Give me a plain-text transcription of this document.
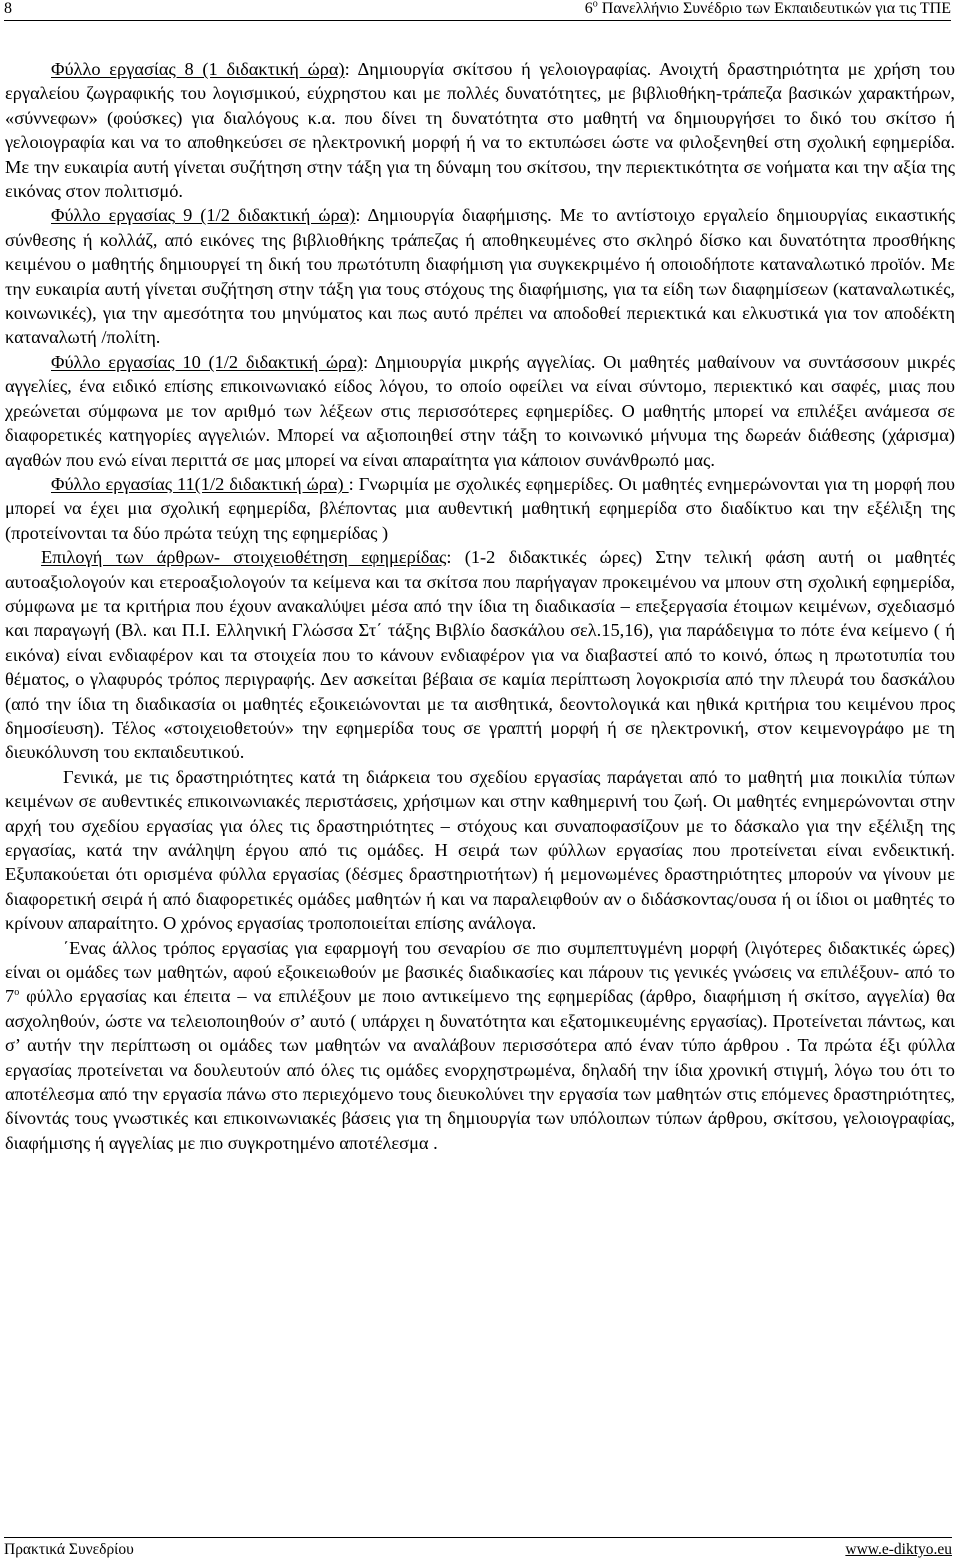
8	$6^o$ Πανελλήνιο Συνέδριο των Εκπαιδευτικών για τις ΤΠΕ

Φύλλο εργασίας 8 (1 διδακτική ώρα): Δημιουργία σκίτσου ή γελοιογραφίας. Ανοιχτή δραστηριότητα με χρήση του εργαλείου ζωγραφικής του λογισμικού, εύχρηστου και με πολλές δυνατότητες, με βιβλιοθήκη-τράπεζα βασικών χαρακτήρων, «σύννεφων» (φούσκες) για διαλόγους κ.α. που δίνει τη δυνατότητα στο μαθητή να δημιουργήσει το δικό του σκίτσο ή γελοιογραφία και να το αποθηκεύσει σε ηλεκτρονική μορφή ή να το εκτυπώσει ώστε να φιλοξενηθεί στη σχολική εφημερίδα. Με την ευκαιρία αυτή γίνεται συζήτηση στην τάξη για τη δύναμη του σκίτσου, την περιεκτικότητα σε νοήματα και την αξία της εικόνας στον πολιτισμό.

Φύλλο εργασίας 9 (1/2 διδακτική ώρα): Δημιουργία διαφήμισης. Με το αντίστοιχο εργαλείο δημιουργίας εικαστικής σύνθεσης ή κολλάζ, από εικόνες της βιβλιοθήκης τράπεζας ή αποθηκευμένες στο σκληρό δίσκο και δυνατότητα προσθήκης κειμένου ο μαθητής δημιουργεί τη δική του πρωτότυπη διαφήμιση για συγκεκριμένο ή οποιοδήποτε καταναλωτικό προϊόν. Με την ευκαιρία αυτή γίνεται συζήτηση στην τάξη για τους στόχους της διαφήμισης, για τα είδη των διαφημίσεων (καταναλωτικές, κοινωνικές), για την αμεσότητα του μηνύματος και πως αυτό πρέπει να αποδοθεί περιεκτικά και ελκυστικά για τον αποδέκτη καταναλωτή /πολίτη.

Φύλλο εργασίας 10 (1/2 διδακτική ώρα): Δημιουργία μικρής αγγελίας. Οι μαθητές μαθαίνουν να συντάσσουν μικρές αγγελίες, ένα ειδικό επίσης επικοινωνιακό είδος λόγου, το οποίο οφείλει να είναι σύντομο, περιεκτικό και σαφές, μιας που χρεώνεται σύμφωνα με τον αριθμό των λέξεων στις περισσότερες εφημερίδες. Ο μαθητής μπορεί να επιλέξει ανάμεσα σε διαφορετικές κατηγορίες αγγελιών. Μπορεί να αξιοποιηθεί στην τάξη το κοινωνικό μήνυμα της δωρεάν διάθεσης (χάρισμα) αγαθών που ενώ είναι περιττά σε μας μπορεί να είναι απαραίτητα για κάποιον συνάνθρωπό μας.

Φύλλο εργασίας 11(1/2 διδακτική ώρα) : Γνωριμία με σχολικές εφημερίδες. Οι μαθητές ενημερώνονται για τη μορφή που μπορεί να έχει μια σχολική εφημερίδα, βλέποντας μια αυθεντική μαθητική εφημερίδα στο διαδίκτυο και την εξέλιξη της (προτείνονται τα δύο πρώτα τεύχη της εφημερίδας )

Επιλογή των άρθρων- στοιχειοθέτηση εφημερίδας: (1-2 διδακτικές ώρες) Στην τελική φάση αυτή οι μαθητές αυτοαξιολογούν και ετεροαξιολογούν τα κείμενα και τα σκίτσα που παρήγαγαν προκειμένου να μπουν στη σχολική εφημερίδα, σύμφωνα με τα κριτήρια που έχουν ανακαλύψει μέσα από την ίδια τη διαδικασία – επεξεργασία έτοιμων κειμένων, σχεδιασμό και παραγωγή (Βλ. και Π.Ι. Ελληνική Γλώσσα Στ΄ τάξης Βιβλίο δασκάλου σελ.15,16), για παράδειγμα το πότε ένα κείμενο ( ή εικόνα) είναι ενδιαφέρον και τα στοιχεία που το κάνουν ενδιαφέρον για να διαβαστεί από το κοινό, όπως η πρωτοτυπία του θέματος, ο γλαφυρός τρόπος περιγραφής. Δεν ασκείται βέβαια σε καμία περίπτωση λογοκρισία από την πλευρά του δασκάλου (από την ίδια τη διαδικασία οι μαθητές εξοικειώνονται με τα αισθητικά, δεοντολογικά και ηθικά κριτήρια του κειμένου προς δημοσίευση). Τέλος «στοιχειοθετούν» την εφημερίδα τους σε γραπτή μορφή ή σε ηλεκτρονική, στον κειμενογράφο με τη διευκόλυνση του εκπαιδευτικού.

Γενικά, με τις δραστηριότητες κατά τη διάρκεια του σχεδίου εργασίας παράγεται από το μαθητή μια ποικιλία τύπων κειμένων σε αυθεντικές επικοινωνιακές περιστάσεις, χρήσιμων και στην καθημερινή του ζωή. Οι μαθητές ενημερώνονται στην αρχή του σχεδίου εργασίας για όλες τις δραστηριότητες – στόχους και συναποφασίζουν με το δάσκαλο για την εξέλιξη της εργασίας, κατά την ανάληψη έργου από τις ομάδες. Η σειρά των φύλλων εργασίας που προτείνεται είναι ενδεικτική. Εξυπακούεται ότι ορισμένα φύλλα εργασίας (δέσμες δραστηριοτήτων) ή μεμονωμένες δραστηριότητες μπορούν να γίνουν με διαφορετική σειρά ή από διαφορετικές ομάδες μαθητών ή και να παραλειφθούν αν ο διδάσκοντας/ουσα ή οι ίδιοι οι μαθητές το κρίνουν απαραίτητο. Ο χρόνος εργασίας τροποποιείται επίσης ανάλογα.

΄Ενας άλλος τρόπος εργασίας για εφαρμογή του σεναρίου σε πιο συμπεπτυγμένη μορφή (λιγότερες διδακτικές ώρες) είναι οι ομάδες των μαθητών, αφού εξοικειωθούν με βασικές διαδικασίες και πάρουν τις γενικές γνώσεις να επιλέξουν- από το $7^o$ φύλλο εργασίας και έπειτα – να επιλέξουν με ποιο αντικείμενο της εφημερίδας (άρθρο, διαφήμιση ή σκίτσο, αγγελία) θα ασχοληθούν, ώστε να τελειοποιηθούν σ’ αυτό ( υπάρχει η δυνατότητα και εξατομικευμένης εργασίας). Προτείνεται πάντως, και σ’ αυτήν την περίπτωση οι ομάδες των μαθητών να αναλάβουν περισσότερα από έναν τύπο άρθρου . Τα πρώτα έξι φύλλα εργασίας προτείνεται να δουλευτούν από όλες τις ομάδες ενορχηστρωμένα, δηλαδή την ίδια χρονική στιγμή, λόγω του ότι το αποτέλεσμα από την εργασία πάνω στο περιεχόμενο τους διευκολύνει την εργασία των μαθητών στις επόμενες δραστηριότητες, δίνοντάς τους γνωστικές και επικοινωνιακές βάσεις για τη δημιουργία των υπόλοιπων τύπων άρθρου, σκίτσου, γελοιογραφίας, διαφήμισης ή αγγελίας με πιο συγκροτημένο αποτέλεσμα .

Πρακτικά Συνεδρίου	www.e-diktyo.eu
